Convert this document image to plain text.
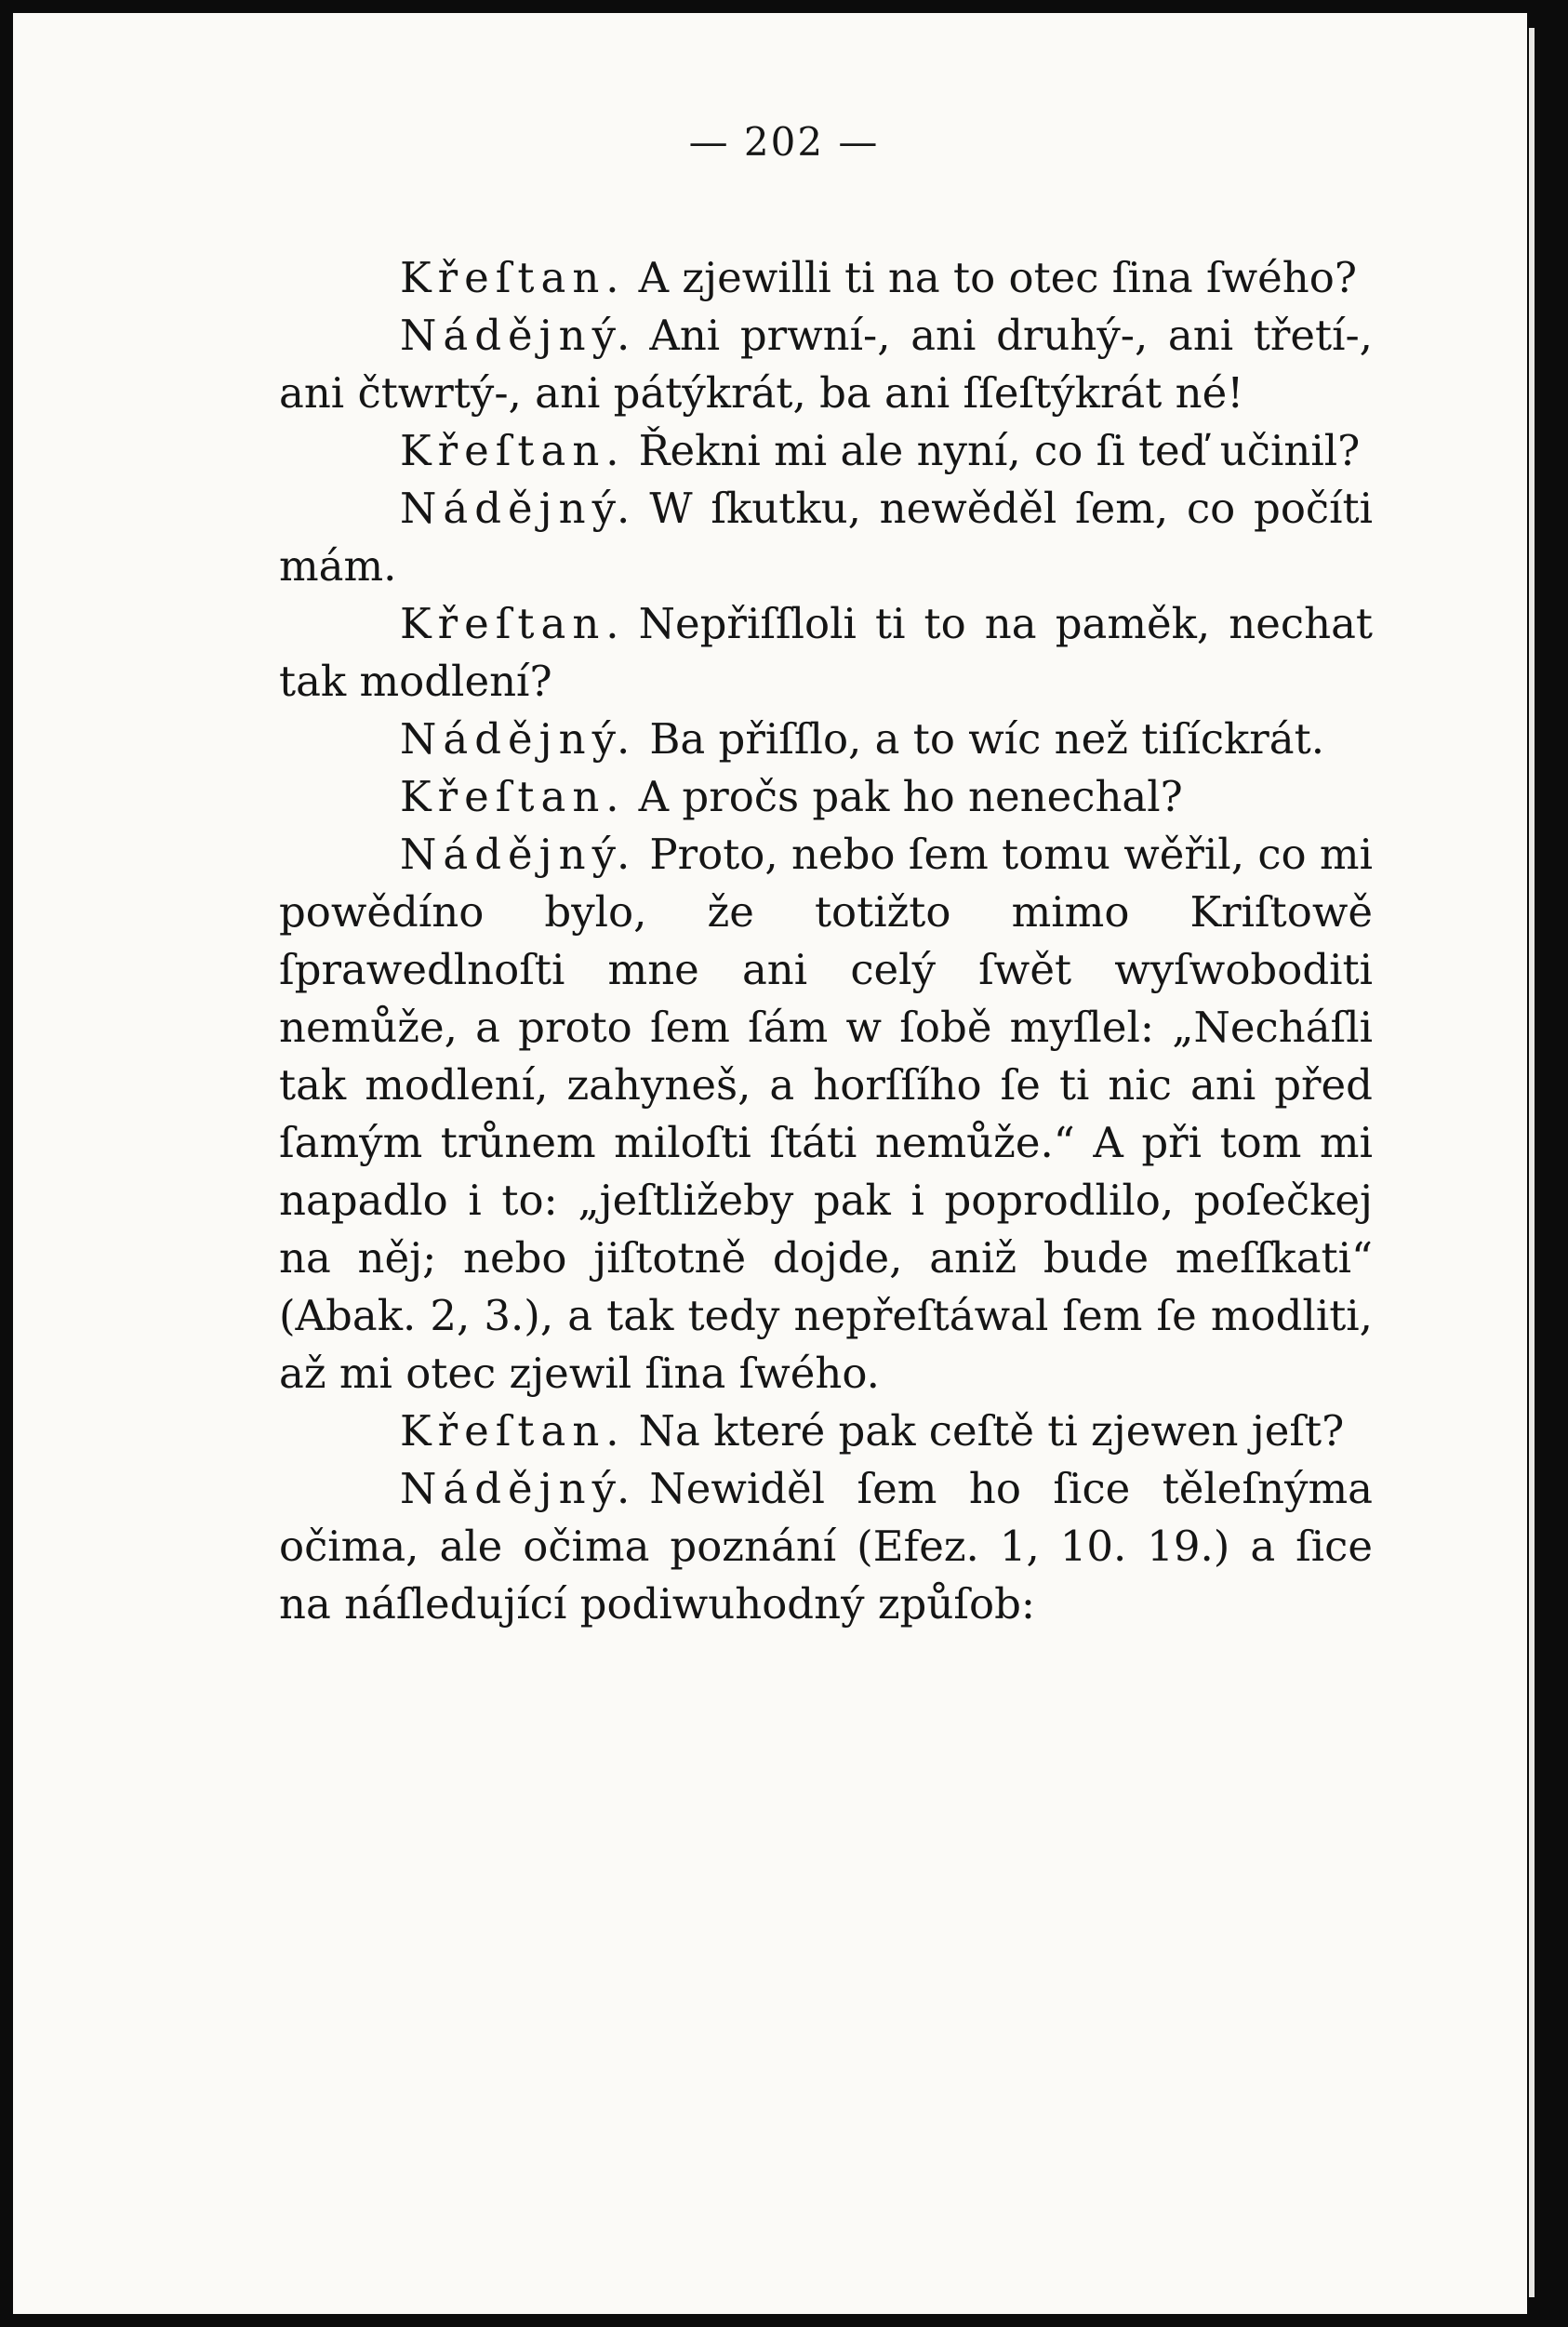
— 202 —

Křeſtan. A zjewilli ti na to otec ſina ſwého?

Nádějný. Ani prwní-, ani druhý-, ani třetí-, ani čtwrtý-, ani pátýkrát, ba ani ſſeſtýkrát né!

Křeſtan. Řekni mi ale nyní, co ſi teď učinil?

Nádějný. W ſkutku, newěděl ſem, co počíti mám.

Křeſtan. Nepřiſſloli ti to na paměk, nechat tak modlení?

Nádějný. Ba přiſſlo, a to wíc než tiſíckrát.

Křeſtan. A pročs pak ho nenechal?

Nádějný. Proto, nebo ſem tomu wěřil, co mi powědíno bylo, že totižto mimo Kriſtowě ſprawedlnoſti mne ani celý ſwět wyſwoboditi nemůže, a proto ſem ſám w ſobě myſlel: „Necháſli tak modlení, zahyneš, a horſſího ſe ti nic ani před ſamým trůnem miloſti ſtáti nemůže.“ A při tom mi napadlo i to: „jeſtližeby pak i poprodlilo, poſečkej na něj; nebo jiſtotně dojde, aniž bude meſſkati“ (Abak. 2, 3.), a tak tedy nepřeſtáwal ſem ſe modliti, až mi otec zjewil ſina ſwého.

Křeſtan. Na které pak ceſtě ti zjewen jeſt?

Nádějný. Newiděl ſem ho ſice těleſnýma očima, ale očima poznání (Efez. 1, 10. 19.) a ſice na náſledující podiwuhodný způſob:
